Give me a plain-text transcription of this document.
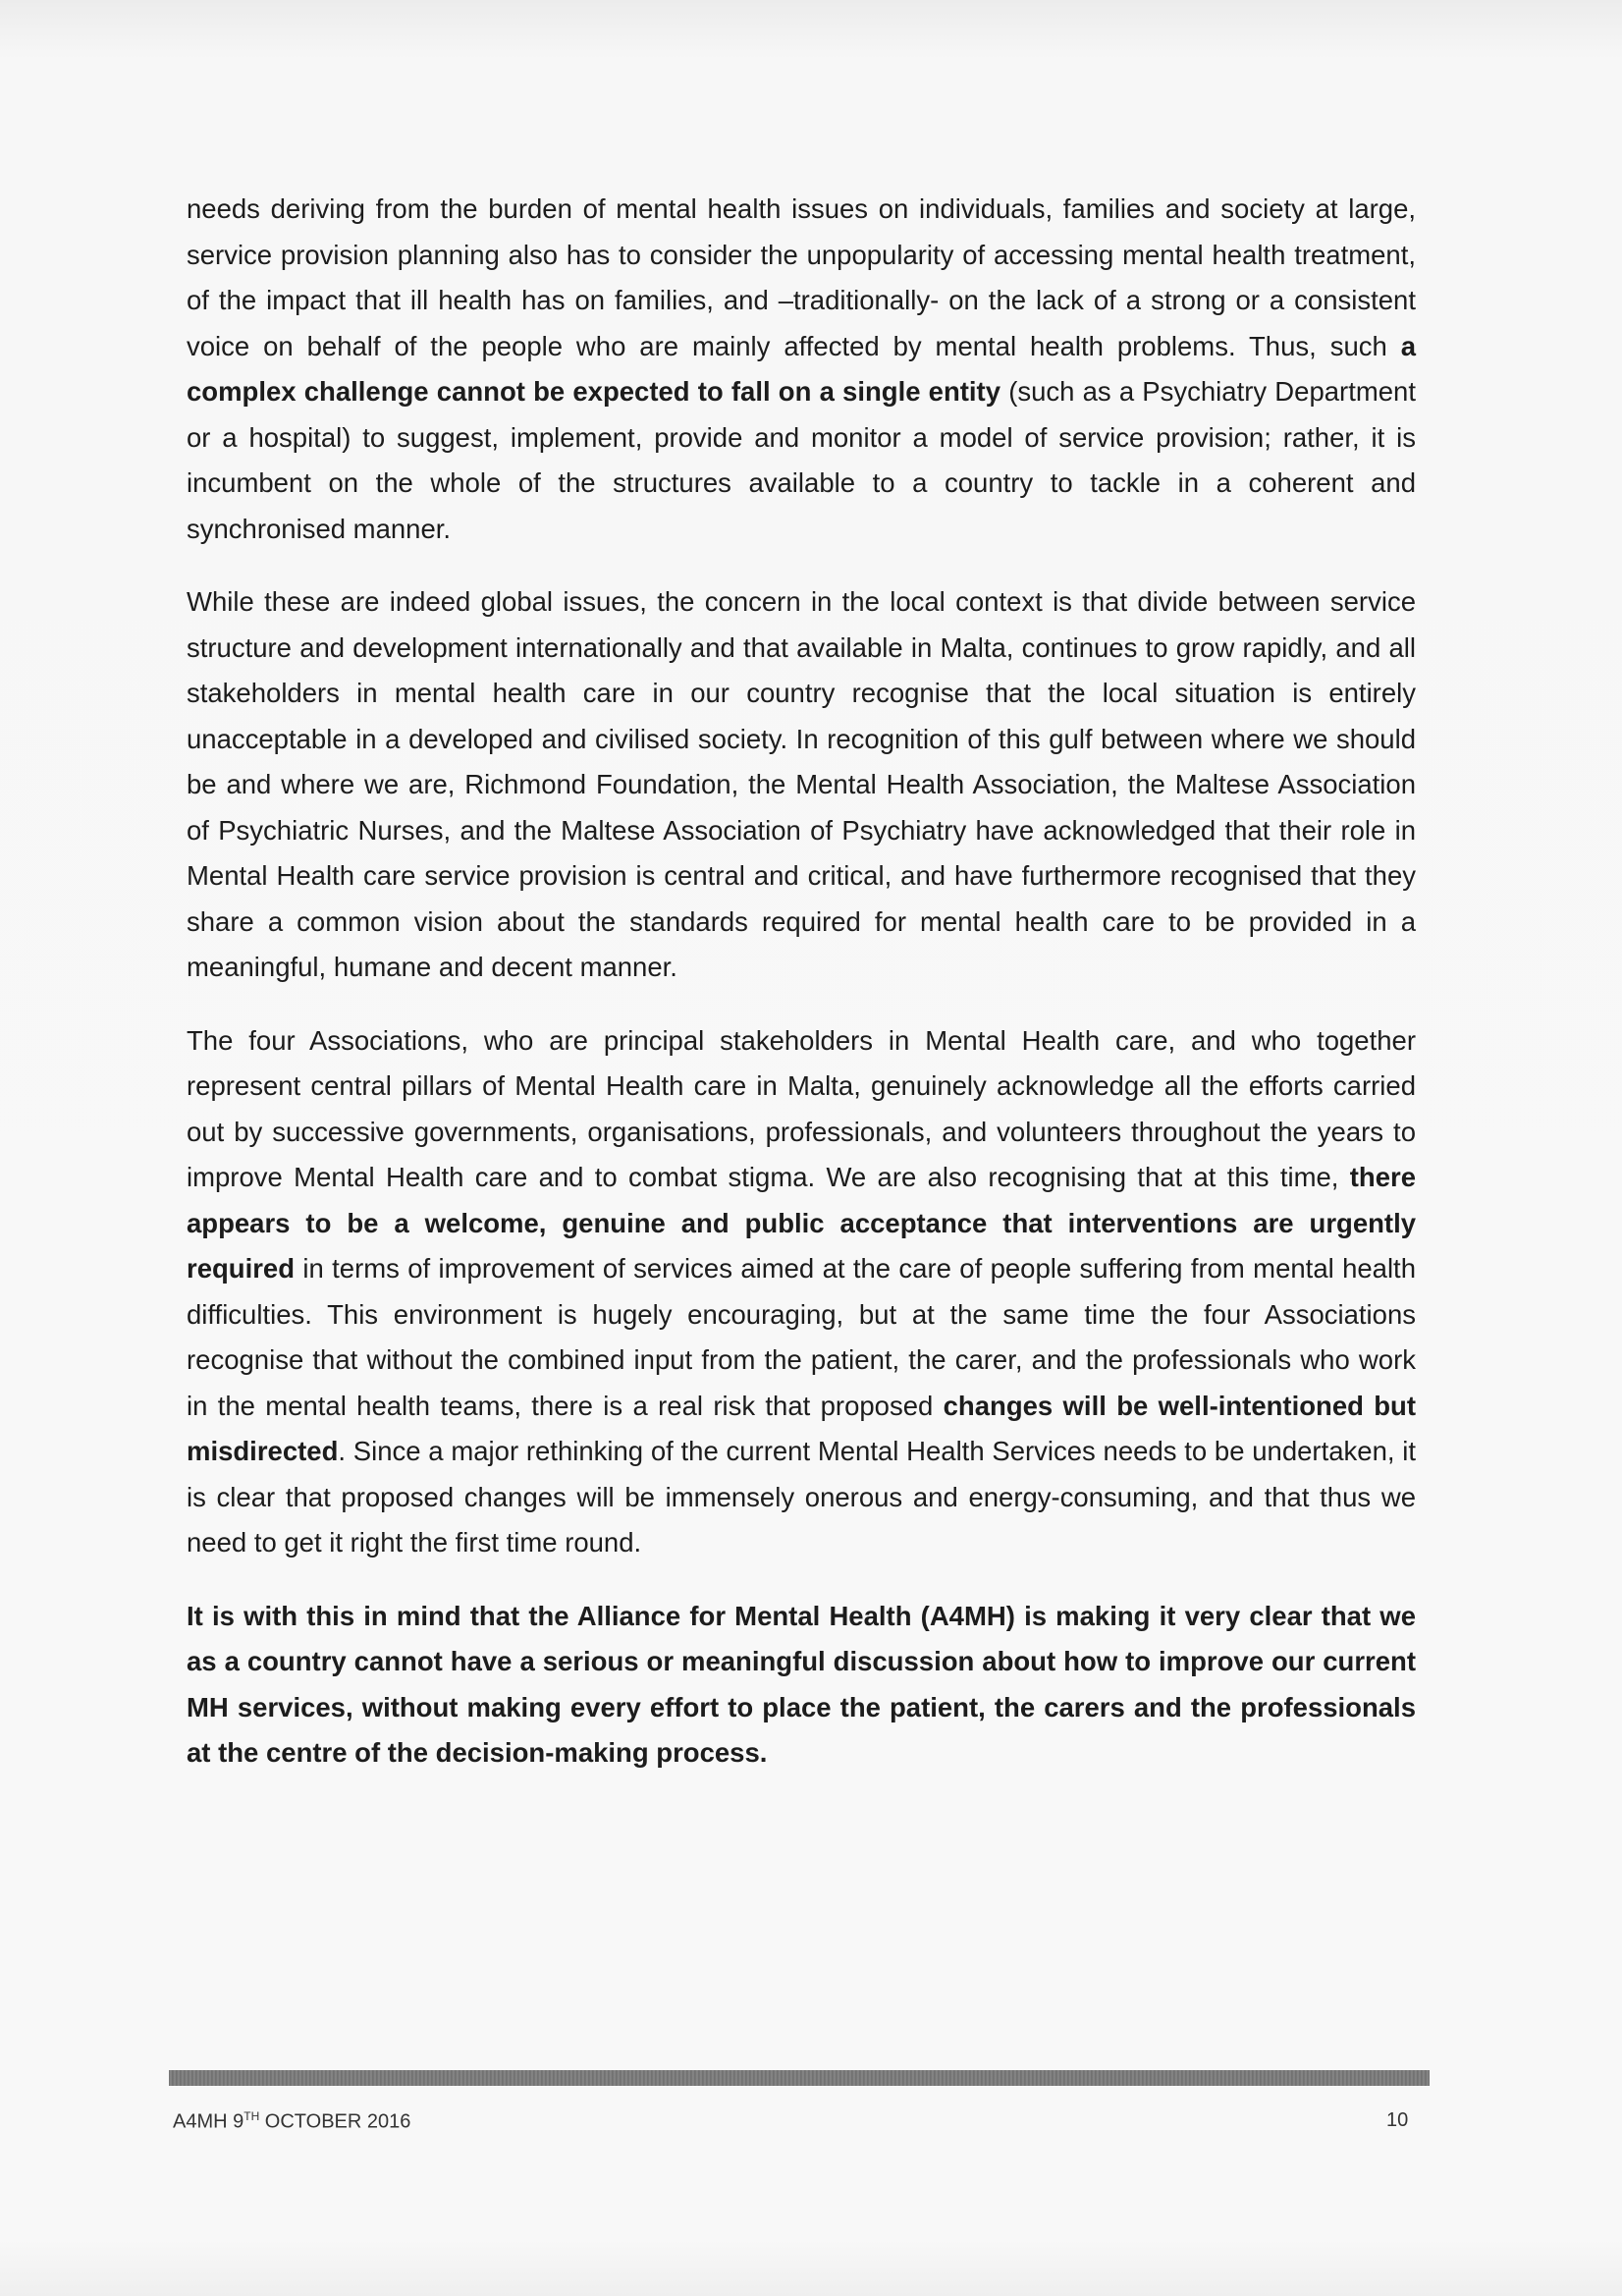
needs deriving from the burden of mental health issues on individuals, families and society at large, service provision planning also has to consider the unpopularity of accessing mental health treatment, of the impact that ill health has on families, and –traditionally- on the lack of a strong or a consistent voice on behalf of the people who are mainly affected by mental health problems. Thus, such a complex challenge cannot be expected to fall on a single entity (such as a Psychiatry Department or a hospital) to suggest, implement, provide and monitor a model of service provision; rather, it is incumbent on the whole of the structures available to a country to tackle in a coherent and synchronised manner.

While these are indeed global issues, the concern in the local context is that divide between service structure and development internationally and that available in Malta, continues to grow rapidly, and all stakeholders in mental health care in our country recognise that the local situation is entirely unacceptable in a developed and civilised society. In recognition of this gulf between where we should be and where we are, Richmond Foundation, the Mental Health Association, the Maltese Association of Psychiatric Nurses, and the Maltese Association of Psychiatry have acknowledged that their role in Mental Health care service provision is central and critical, and have furthermore recognised that they share a common vision about the standards required for mental health care to be provided in a meaningful, humane and decent manner.

The four Associations, who are principal stakeholders in Mental Health care, and who together represent central pillars of Mental Health care in Malta, genuinely acknowledge all the efforts carried out by successive governments, organisations, professionals, and volunteers throughout the years to improve Mental Health care and to combat stigma. We are also recognising that at this time, there appears to be a welcome, genuine and public acceptance that interventions are urgently required in terms of improvement of services aimed at the care of people suffering from mental health difficulties. This environment is hugely encouraging, but at the same time the four Associations recognise that without the combined input from the patient, the carer, and the professionals who work in the mental health teams, there is a real risk that proposed changes will be well-intentioned but misdirected. Since a major rethinking of the current Mental Health Services needs to be undertaken, it is clear that proposed changes will be immensely onerous and energy-consuming, and that thus we need to get it right the first time round.

It is with this in mind that the Alliance for Mental Health (A4MH) is making it very clear that we as a country cannot have a serious or meaningful discussion about how to improve our current MH services, without making every effort to place the patient, the carers and the professionals at the centre of the decision-making process.

A4MH 9TH OCTOBER 2016	10
